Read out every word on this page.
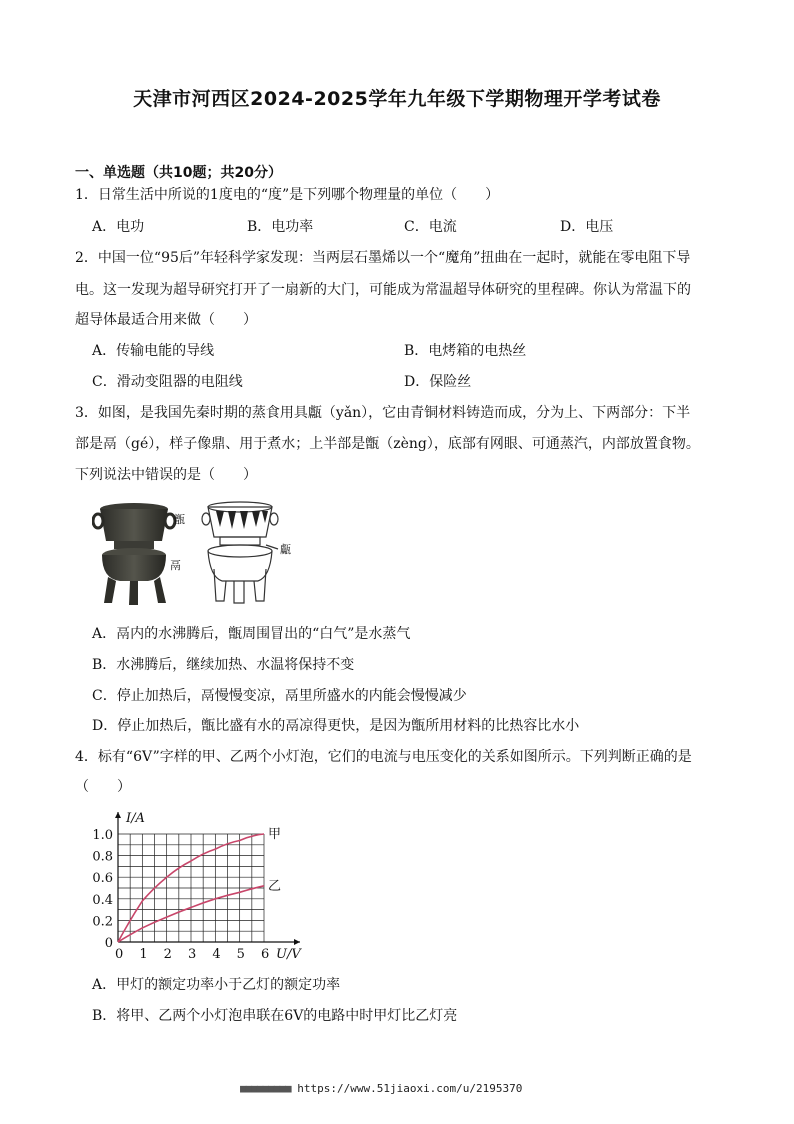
天津市河西区2024-2025学年九年级下学期物理开学考试卷
一、单选题（共10题；共20分）
1．日常生活中所说的1度电的“度”是下列哪个物理量的单位（　　）
A．电功	B．电功率	C．电流	D．电压
2．中国一位“95后”年轻科学家发现：当两层石墨烯以一个“魔角”扭曲在一起时，就能在零电阻下导
电。这一发现为超导研究打开了一扇新的大门，可能成为常温超导体研究的里程碑。你认为常温下的
超导体最适合用来做（　　）
A．传输电能的导线	B．电烤箱的电热丝
C．滑动变阻器的电阻线	D．保险丝
3．如图，是我国先秦时期的蒸食用具甗（yǎn），它由青铜材料铸造而成，分为上、下两部分：下半
部是鬲（gé），样子像鼎、用于煮水；上半部是甑（zèng），底部有网眼、可通蒸汽，内部放置食物。
下列说法中错误的是（　　）
甑
鬲
甗
A．鬲内的水沸腾后，甑周围冒出的“白气”是水蒸气
B．水沸腾后，继续加热、水温将保持不变
C．停止加热后，鬲慢慢变凉，鬲里所盛水的内能会慢慢减少
D．停止加热后，甑比盛有水的鬲凉得更快，是因为甑所用材料的比热容比水小
4．标有“6V”字样的甲、乙两个小灯泡，它们的电流与电压变化的关系如图所示。下列判断正确的是
（　　）
0 1 2 3 4 5 6
0
0.2
0.4
0.6
0.8
1.0
U/V
I/A
甲
乙
A．甲灯的额定功率小于乙灯的额定功率
B．将甲、乙两个小灯泡串联在6V的电路中时甲灯比乙灯亮
■■■■■■■■■ https://www.51jiaoxi.com/u/2195370
